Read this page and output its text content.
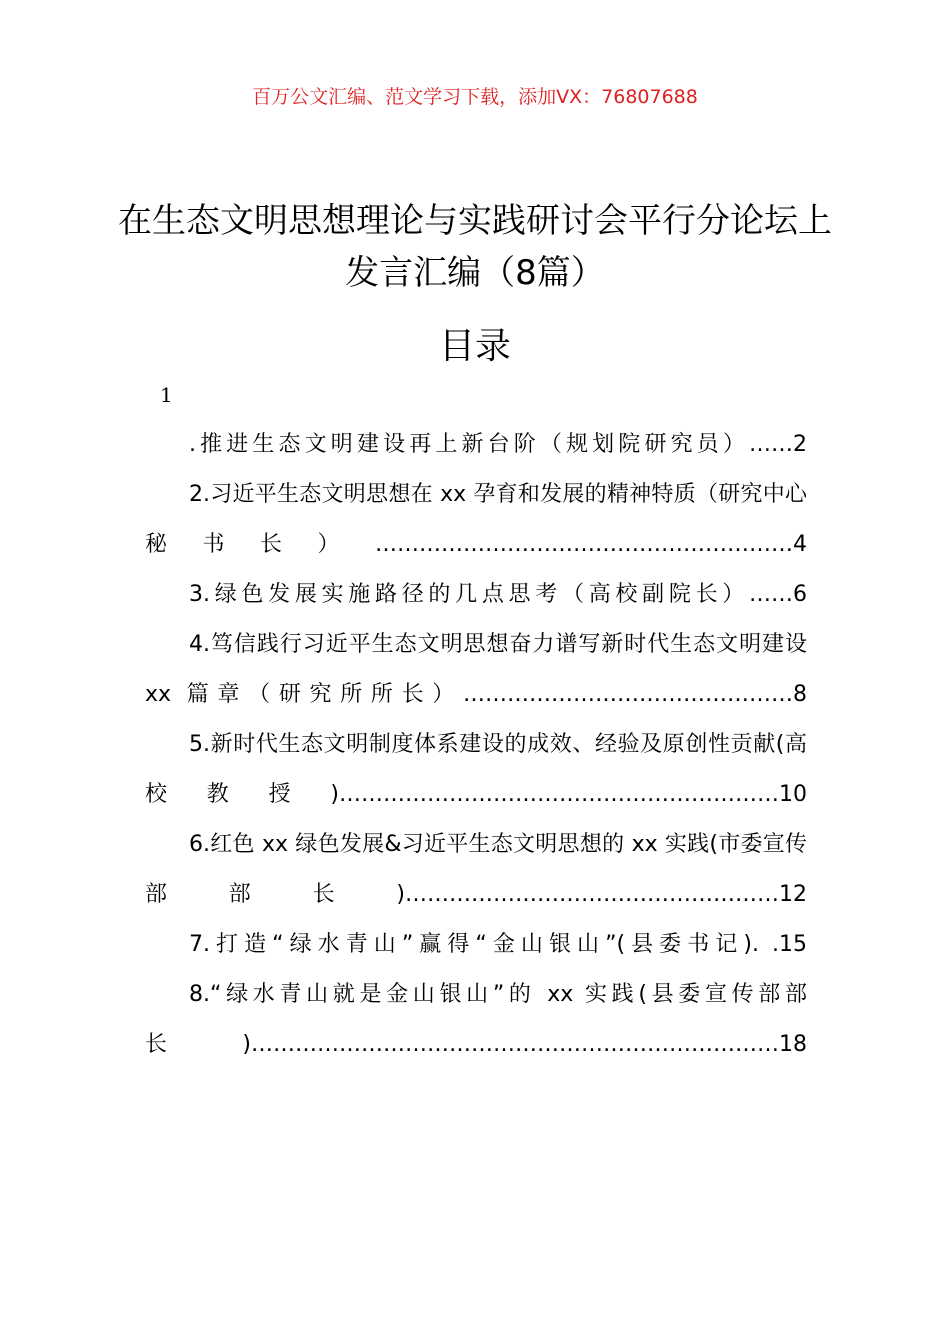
百万公文汇编、范文学习下载，添加VX：76807688
在生态文明思想理论与实践研讨会平行分论坛上发言汇编（8篇）
目录
1

.推进生态文明建设再上新台阶（规划院研究员）……2

2.习近平生态文明思想在 xx 孕育和发展的精神特质（研究中心秘书长）…………………………………………………4

3.绿色发展实施路径的几点思考（高校副院长）……6

4.笃信践行习近平生态文明思想奋力谱写新时代生态文明建设 xx 篇章（研究所所长）………………………………………8

5.新时代生态文明制度体系建设的成效、经验及原创性贡献(高校教授)……………………………………………………10

6.红色 xx 绿色发展&习近平生态文明思想的 xx 实践(市委宣传部部长)……………………………………………12

7.打造“绿水青山”赢得“金山银山”(县委书记). .15

8.“绿水青山就是金山银山”的 xx 实践(县委宣传部部长)………………………………………………………………18
